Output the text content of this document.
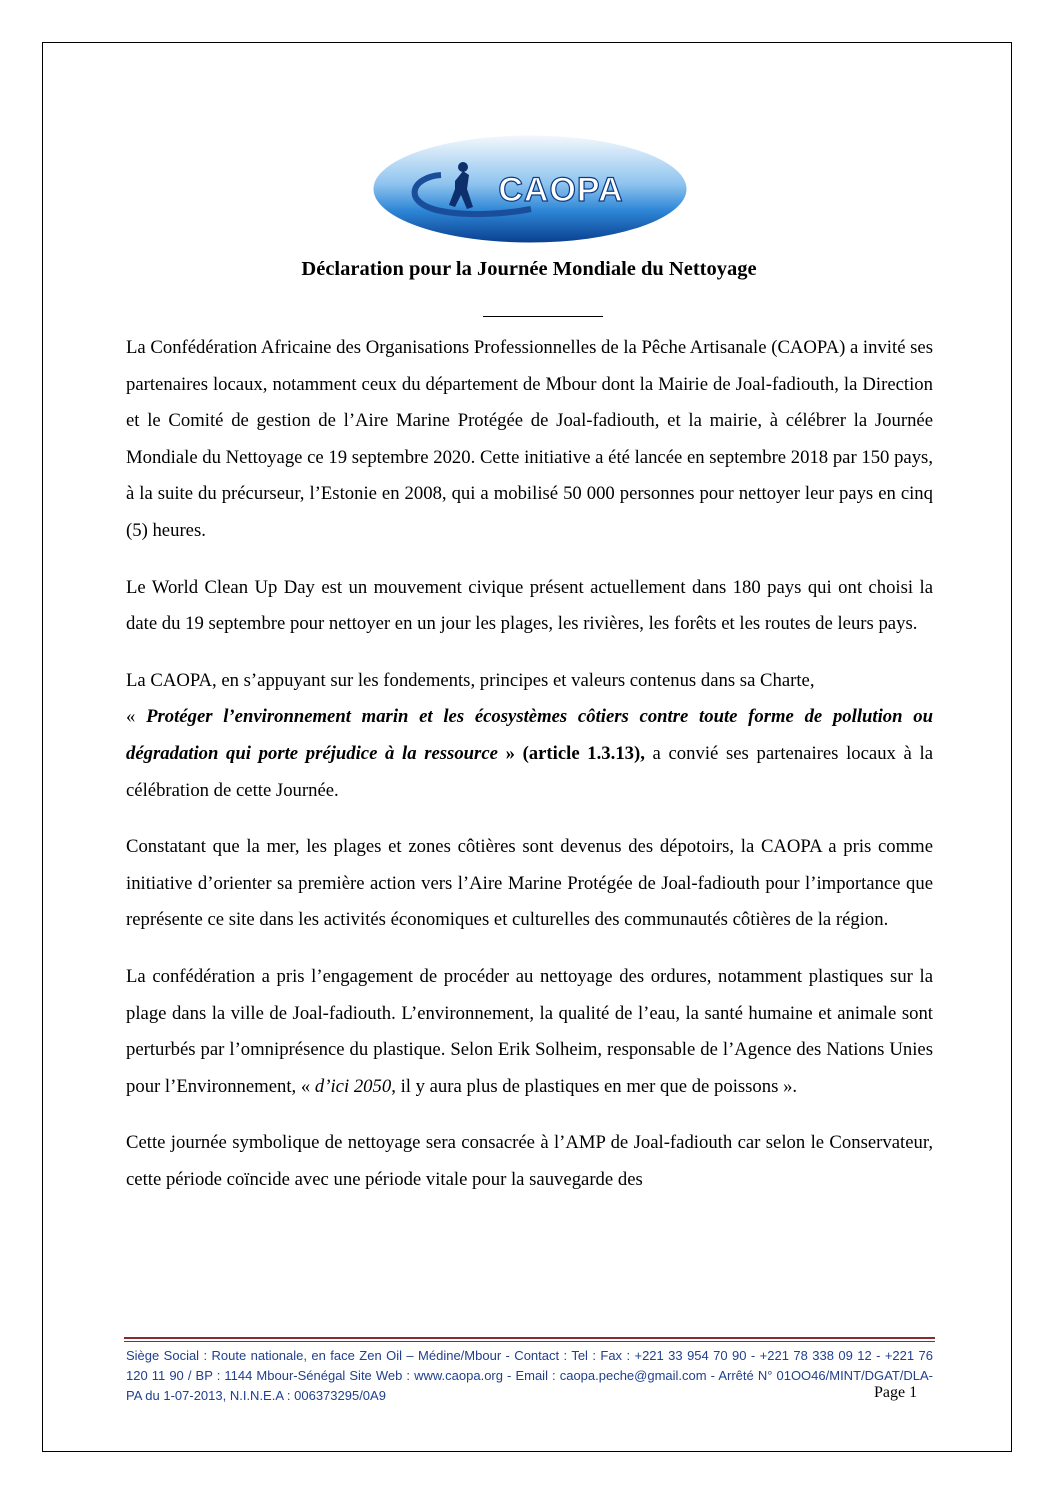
CAOPA
Déclaration pour la Journée Mondiale du Nettoyage

La Confédération Africaine des Organisations Professionnelles de la Pêche Artisanale (CAOPA) a invité ses partenaires locaux, notamment ceux du département de Mbour dont la Mairie de Joal-fadiouth, la Direction et le Comité de gestion de l’Aire Marine Protégée de Joal-fadiouth, et la mairie, à célébrer la Journée Mondiale du Nettoyage ce 19 septembre 2020. Cette initiative a été lancée en septembre 2018 par 150 pays, à la suite du précurseur, l’Estonie en 2008, qui a mobilisé 50 000 personnes pour nettoyer leur pays en cinq (5) heures.

Le World Clean Up Day est un mouvement civique présent actuellement dans 180 pays qui ont choisi la date du 19 septembre pour nettoyer en un jour les plages, les rivières, les forêts et les routes de leurs pays.

La CAOPA, en s’appuyant sur les fondements, principes et valeurs contenus dans sa Charte,
« Protéger l’environnement marin et les écosystèmes côtiers contre toute forme de pollution ou dégradation qui porte préjudice à la ressource » (article 1.3.13), a convié ses partenaires locaux à la célébration de cette Journée.

Constatant que la mer, les plages et zones côtières sont devenus des dépotoirs, la CAOPA a pris comme initiative d’orienter sa première action vers l’Aire Marine Protégée de Joal-fadiouth pour l’importance que représente ce site dans les activités économiques et culturelles des communautés côtières de la région.

La confédération a pris l’engagement de procéder au nettoyage des ordures, notamment plastiques sur la plage dans la ville de Joal-fadiouth. L’environnement, la qualité de l’eau, la santé humaine et animale sont perturbés par l’omniprésence du plastique. Selon Erik Solheim, responsable de l’Agence des Nations Unies pour l’Environnement, « d’ici 2050, il y aura plus de plastiques en mer que de poissons ».

Cette journée symbolique de nettoyage sera consacrée à l’AMP de Joal-fadiouth car selon le Conservateur, cette période coïncide avec une période vitale pour la sauvegarde des

Siège Social : Route nationale, en face Zen Oil – Médine/Mbour - Contact : Tel : Fax : +221 33 954 70 90 - +221 78 338 09 12 - +221 76 120 11 90 / BP : 1144 Mbour-Sénégal Site Web : www.caopa.org - Email : caopa.peche@gmail.com - Arrêté N° 01OO46/MINT/DGAT/DLA-PA du 1-07-2013, N.I.N.E.A : 006373295/0A9	Page 1
